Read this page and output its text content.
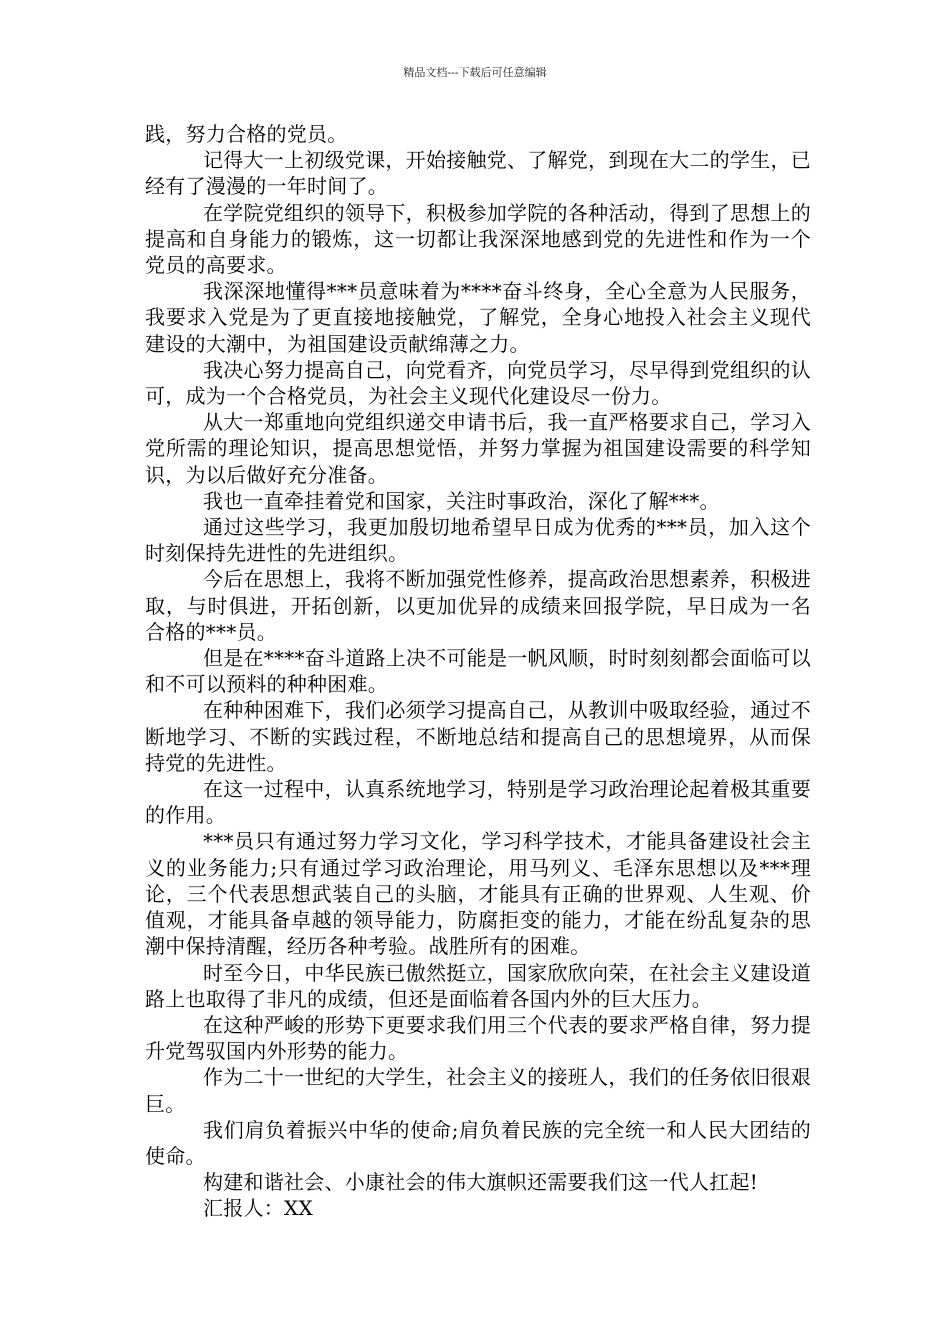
精品文档---下载后可任意编辑

践，努力合格的党员。

记得大一上初级党课，开始接触党、了解党，到现在大二的学生，已经有了漫漫的一年时间了。

在学院党组织的领导下，积极参加学院的各种活动，得到了思想上的提高和自身能力的锻炼，这一切都让我深深地感到党的先进性和作为一个党员的高要求。

我深深地懂得***员意味着为****奋斗终身，全心全意为人民服务，我要求入党是为了更直接地接触党，了解党，全身心地投入社会主义现代建设的大潮中，为祖国建设贡献绵薄之力。

我决心努力提高自己，向党看齐，向党员学习，尽早得到党组织的认可，成为一个合格党员，为社会主义现代化建设尽一份力。

从大一郑重地向党组织递交申请书后，我一直严格要求自己，学习入党所需的理论知识，提高思想觉悟，并努力掌握为祖国建设需要的科学知识，为以后做好充分准备。

我也一直牵挂着党和国家，关注时事政治，深化了解***。

通过这些学习，我更加殷切地希望早日成为优秀的***员，加入这个时刻保持先进性的先进组织。

今后在思想上，我将不断加强党性修养，提高政治思想素养，积极进取，与时俱进，开拓创新，以更加优异的成绩来回报学院，早日成为一名合格的***员。

但是在****奋斗道路上决不可能是一帆风顺，时时刻刻都会面临可以和不可以预料的种种困难。

在种种困难下，我们必须学习提高自己，从教训中吸取经验，通过不断地学习、不断的实践过程，不断地总结和提高自己的思想境界，从而保持党的先进性。

在这一过程中，认真系统地学习，特别是学习政治理论起着极其重要的作用。

***员只有通过努力学习文化，学习科学技术，才能具备建设社会主义的业务能力;只有通过学习政治理论，用马列义、毛泽东思想以及***理论，三个代表思想武装自己的头脑，才能具有正确的世界观、人生观、价值观，才能具备卓越的领导能力，防腐拒变的能力，才能在纷乱复杂的思潮中保持清醒，经历各种考验。战胜所有的困难。

时至今日，中华民族已傲然挺立，国家欣欣向荣，在社会主义建设道路上也取得了非凡的成绩，但还是面临着各国内外的巨大压力。

在这种严峻的形势下更要求我们用三个代表的要求严格自律，努力提升党驾驭国内外形势的能力。

作为二十一世纪的大学生，社会主义的接班人，我们的任务依旧很艰巨。

我们肩负着振兴中华的使命;肩负着民族的完全统一和人民大团结的使命。

构建和谐社会、小康社会的伟大旗帜还需要我们这一代人扛起!

汇报人：XX
